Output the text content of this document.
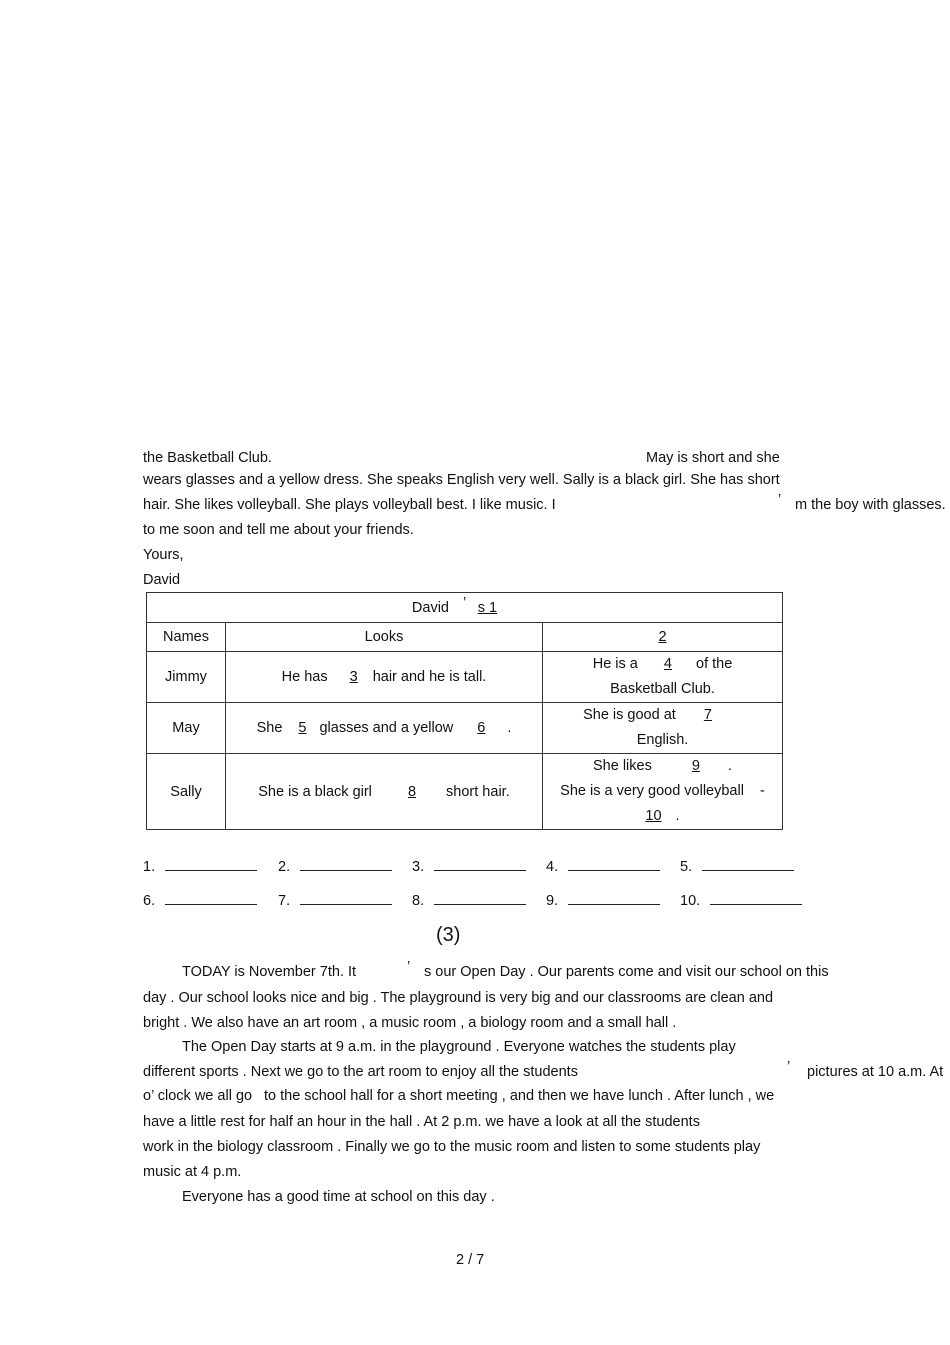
the Basketball Club.	May is short and she
wears glasses and a yellow dress. She speaks English very well. Sally is a black girl. She has short
hair. She likes volleyball. She plays volleyball best. I like music. I	’ m the boy with glasses.
to me soon and tell me about your friends.
Yours,
David
David ’ s 1		
Names	Looks	2
Jimmy	He has 3 hair and he is tall.	He is a 4 of the
Basketball Club.

May	She 5 glasses and a yellow 6 .	She is good at 7
English.

Sally	She is a black girl 8 short hair.	She likes 9 .
She is a very good volleyball -
10 .
1.	2.	3.	4.	5.
6.	7.	8.	9.	10.
(3)
TODAY is November 7th. It	’ s our Open Day . Our parents come and visit our school on this
day . Our school looks nice and big . The playground is very big and our classrooms are clean and
bright . We also have an art room , a music room , a biology room and a small hall .
The Open Day starts at 9 a.m. in the playground . Everyone watches the students play
different sports . Next we go to the art room to enjoy all the students	’ pictures at 10 a.m. At
o’ clock we all go to the school hall for a short meeting , and then we have lunch . After lunch , we
have a little rest for half an hour in the hall . At 2 p.m. we have a look at all the students
work in the biology classroom . Finally we go to the music room and listen to some students play
music at 4 p.m.
Everyone has a good time at school on this day .
2 / 7
